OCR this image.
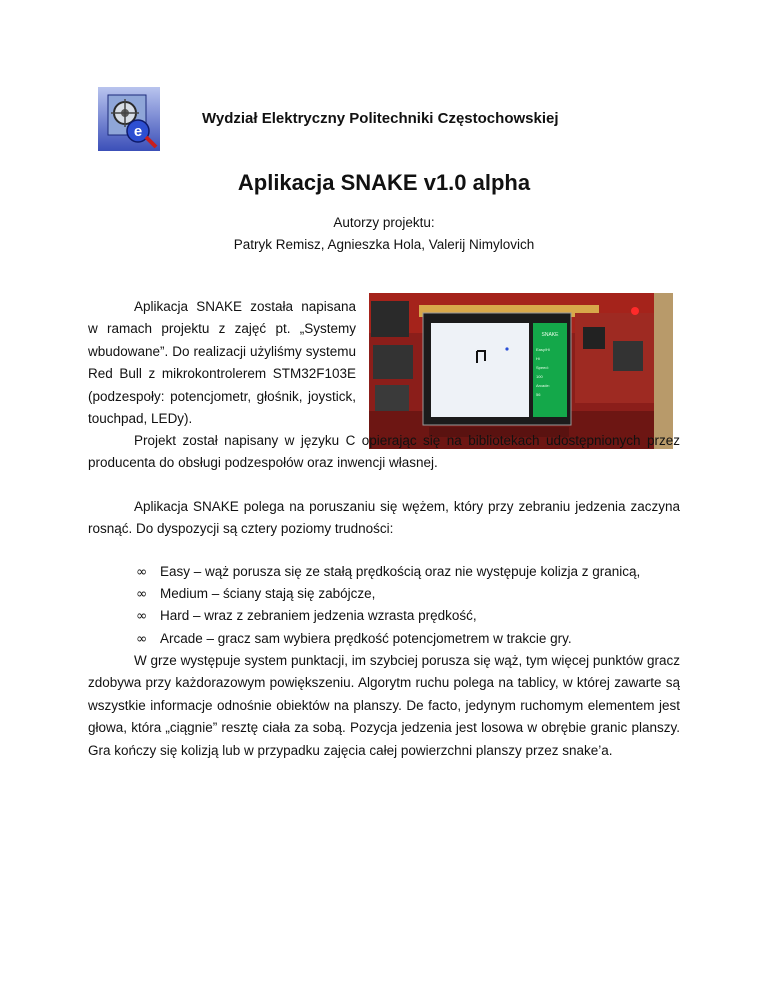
e
Wydział Elektryczny Politechniki Częstochowskiej
Aplikacja SNAKE v1.0 alpha
Autorzy projektu:
Patryk Remisz, Agnieszka Hola, Valerij Nimylovich

Aplikacja SNAKE została napisana w ramach projektu z zajęć pt. „Systemy wbudowane”. Do realizacji użyliśmy systemu Red Bull z mikrokontrolerem STM32F103E (podzespoły: potencjometr, głośnik, joystick, touchpad, LEDy).

SNAKE
Easy/Hi
Hi
Speed:
100
Arcade:
56

Projekt został napisany w języku C opierając się na bibliotekach udostępnionych przez producenta do obsługi podzespołów oraz inwencji własnej.

Aplikacja SNAKE polega na poruszaniu się wężem, który przy zebraniu jedzenia zaczyna rosnąć. Do dyspozycji są cztery poziomy trudności:

∞ Easy – wąż porusza się ze stałą prędkością oraz nie występuje kolizja z granicą,
∞ Medium – ściany stają się zabójcze,
∞ Hard – wraz z zebraniem jedzenia wzrasta prędkość,
∞ Arcade – gracz sam wybiera prędkość potencjometrem w trakcie gry.

W grze występuje system punktacji, im szybciej porusza się wąż, tym więcej punktów gracz zdobywa przy każdorazowym powiększeniu. Algorytm ruchu polega na tablicy, w której zawarte są wszystkie informacje odnośnie obiektów na planszy. De facto, jedynym ruchomym elementem jest głowa, która „ciągnie” resztę ciała za sobą. Pozycja jedzenia jest losowa w obrębie granic planszy. Gra kończy się kolizją lub w przypadku zajęcia całej powierzchni planszy przez snake’a.
